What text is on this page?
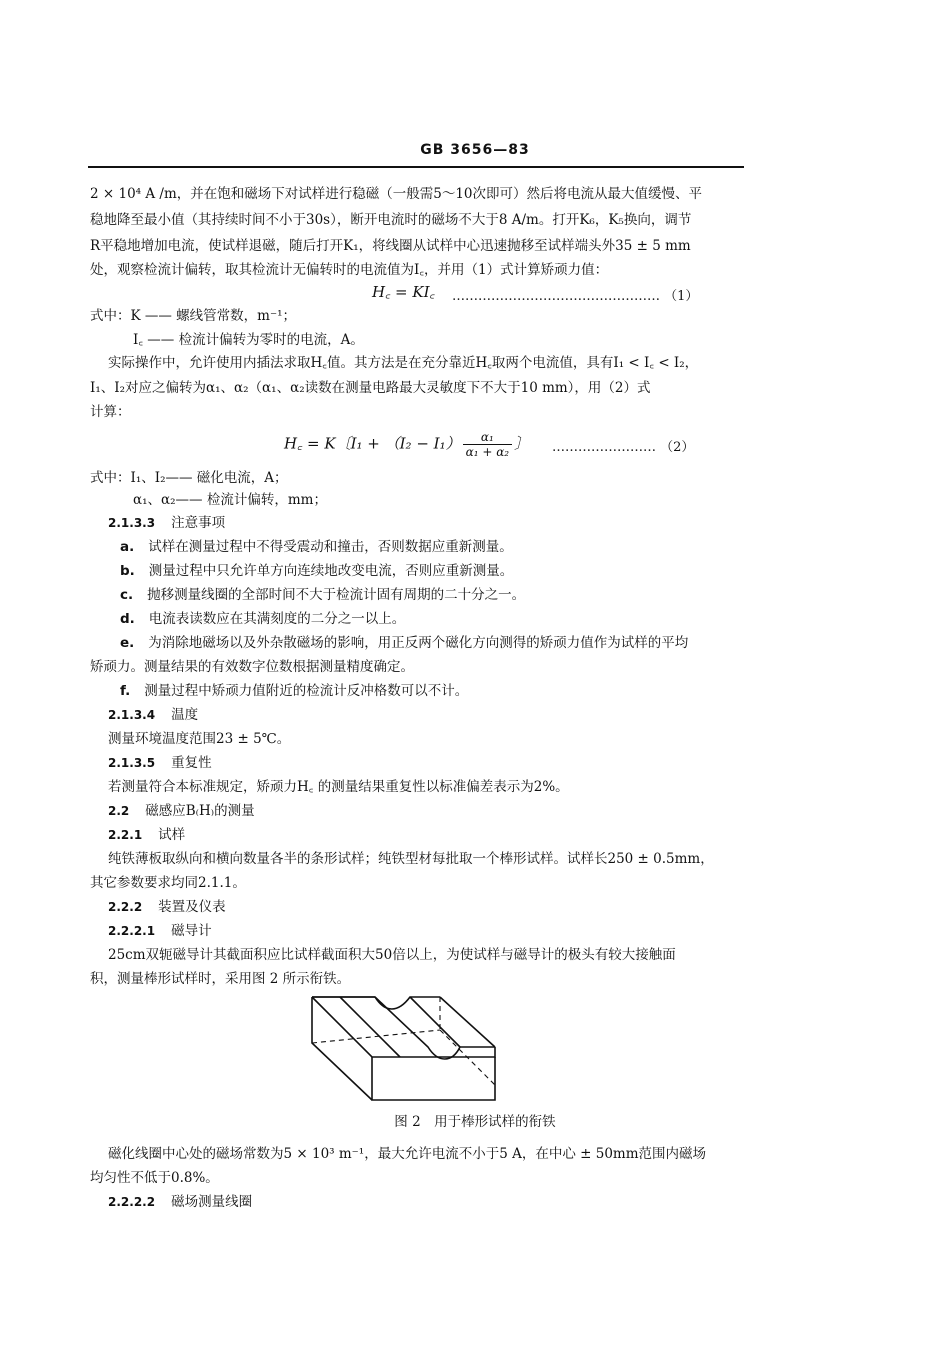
GB 3656—83
2 × 10⁴ A /m，并在饱和磁场下对试样进行稳磁（一般需5～10次即可）然后将电流从最大值缓慢、平
稳地降至最小值（其持续时间不小于30s），断开电流时的磁场不大于8 A/m。打开K₆，K₅换向，调节
R平稳地增加电流，使试样退磁，随后打开K₁，将线圈从试样中心迅速抛移至试样端头外35 ± 5 mm
处，观察检流计偏转，取其检流计无偏转时的电流值为I꜀，并用（1）式计算矫顽力值：
H꜀ = KI꜀ ………………………………………… （1）
式中：K —— 螺线管常数，m⁻¹；
I꜀ —— 检流计偏转为零时的电流，A。
实际操作中，允许使用内插法求取H꜀值。其方法是在充分靠近H꜀取两个电流值，具有I₁ < I꜀ < I₂，
I₁、I₂对应之偏转为α₁、α₂（α₁、α₂读数在测量电路最大灵敏度下不大于10 mm），用（2）式
计算：
H꜀ = K〔$I_1 + (I_2 - I_1) \frac{\text{α₁}}{\text{α₁ + α₂}}$ 〕 …………………… （2）
式中：I₁、I₂—— 磁化电流，A；
α₁、α₂—— 检流计偏转，mm；
2.1.3.3 注意事项
a. 试样在测量过程中不得受震动和撞击，否则数据应重新测量。
b. 测量过程中只允许单方向连续地改变电流，否则应重新测量。
c. 抛移测量线圈的全部时间不大于检流计固有周期的二十分之一。
d. 电流表读数应在其满刻度的二分之一以上。
e. 为消除地磁场以及外杂散磁场的影响，用正反两个磁化方向测得的矫顽力值作为试样的平均
矫顽力。测量结果的有效数字位数根据测量精度确定。
f. 测量过程中矫顽力值附近的检流计反冲格数可以不计。
2.1.3.4 温度
测量环境温度范围23 ± 5℃。
2.1.3.5 重复性
若测量符合本标准规定，矫顽力H꜀ 的测量结果重复性以标准偏差表示为2%。
2.2 磁感应B₍H₎的测量
2.2.1 试样
纯铁薄板取纵向和横向数量各半的条形试样；纯铁型材每批取一个棒形试样。试样长250 ± 0.5mm，
其它参数要求均同2.1.1。
2.2.2 装置及仪表
2.2.2.1 磁导计
25cm双轭磁导计其截面积应比试样截面积大50倍以上，为使试样与磁导计的极头有较大接触面
积，测量棒形试样时，采用图 2 所示衔铁。
图 2　用于棒形试样的衔铁
磁化线圈中心处的磁场常数为5 × 10³ m⁻¹，最大允许电流不小于5 A，在中心 ± 50mm范围内磁场
均匀性不低于0.8%。
2.2.2.2 磁场测量线圈
